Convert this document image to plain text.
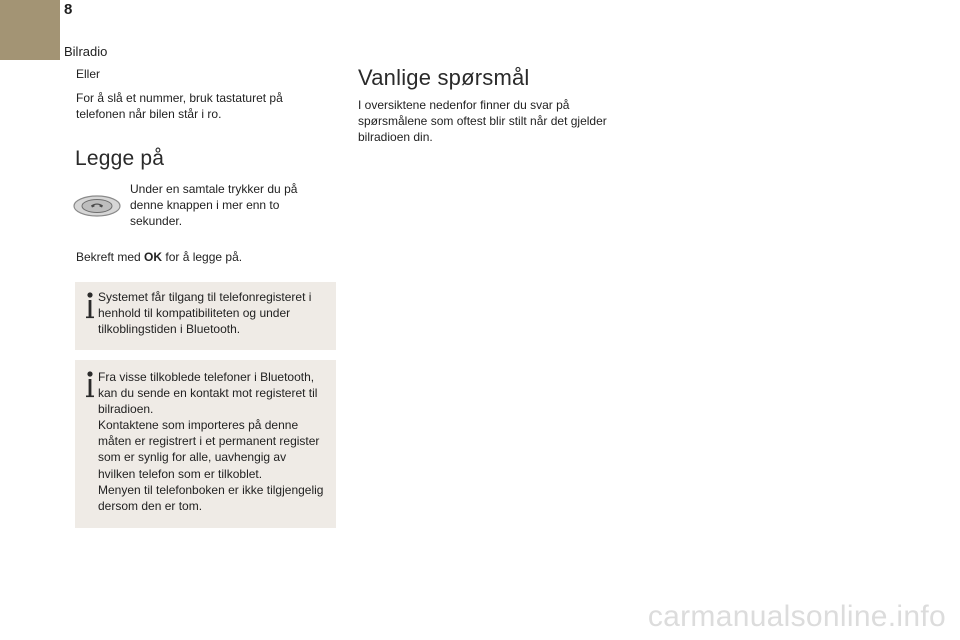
8
Bilradio
Eller
For å slå et nummer, bruk tastaturet på telefonen når bilen står i ro.
Legge på
Under en samtale trykker du på denne knappen i mer enn to sekunder.
Bekreft med OK for å legge på.
Systemet får tilgang til telefonregisteret i henhold til kompatibiliteten og under tilkoblingstiden i Bluetooth.
Fra visse tilkoblede telefoner i Bluetooth,
kan du sende en kontakt mot registeret til
bilradioen.
Kontaktene som importeres på denne
måten er registrert i et permanent register
som er synlig for alle, uavhengig av
hvilken telefon som er tilkoblet.
Menyen til telefonboken er ikke tilgjengelig
dersom den er tom.
Vanlige spørsmål
I oversiktene nedenfor finner du svar på spørsmålene som oftest blir stilt når det gjelder bilradioen din.
carmanualsonline.info
